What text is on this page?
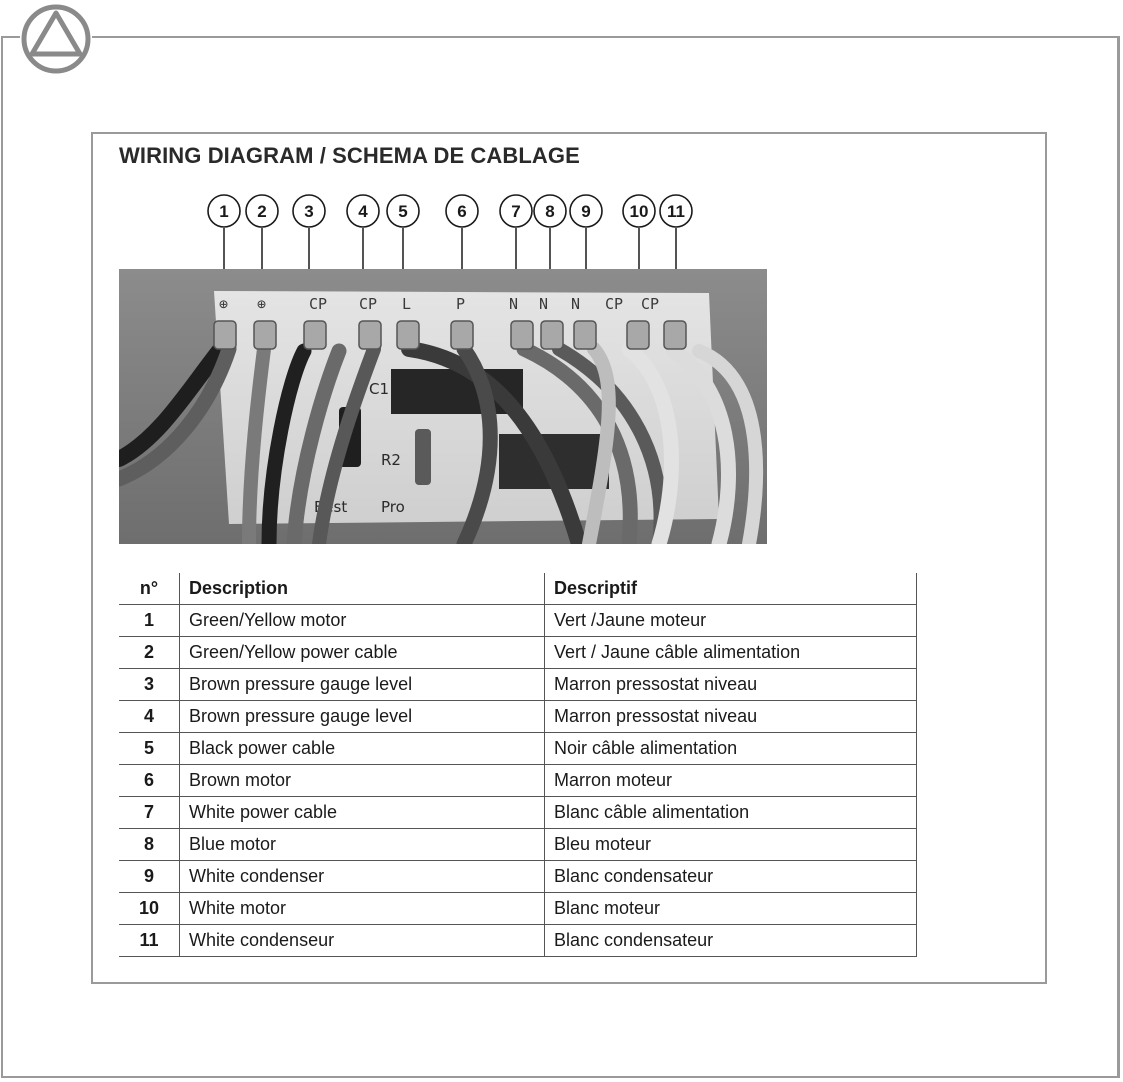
WIRING DIAGRAM / SCHEMA DE CABLAGE
1 2 3	4 5	6	7 8 9 10 11
C1
R2
Best Pro
⊕ ⊕	CP CP L	P	N N N CP CP
n°	Description	Descriptif
1	Green/Yellow motor	Vert /Jaune moteur
2	Green/Yellow power cable	Vert / Jaune câble alimentation
3	Brown pressure gauge level	Marron pressostat niveau
4	Brown pressure gauge level	Marron pressostat niveau
5	Black power cable	Noir câble alimentation
6	Brown motor	Marron moteur
7	White power cable	Blanc câble alimentation
8	Blue motor	Bleu moteur
9	White condenser	Blanc condensateur
10	White motor	Blanc moteur
11	White condenseur	Blanc condensateur
